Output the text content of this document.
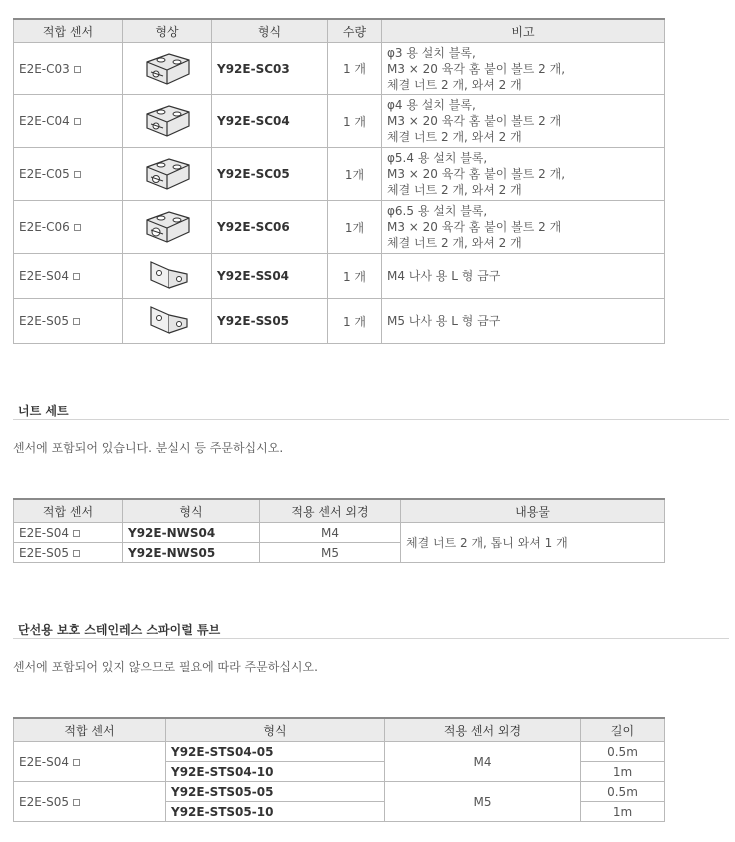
적합 센서	형상	형식	수량	비고
E2E-C03		Y92E-SC03	1 개	φ3 용 설치 블록,
M3 × 20 육각 홈 붙이 볼트 2 개,
체결 너트 2 개, 와셔 2 개

E2E-C04		Y92E-SC04	1 개	φ4 용 설치 블록,
M3 × 20 육각 홈 붙이 볼트 2 개
체결 너트 2 개, 와셔 2 개

E2E-C05		Y92E-SC05	1개	φ5.4 용 설치 블록,
M3 × 20 육각 홈 붙이 볼트 2 개,
체결 너트 2 개, 와셔 2 개

E2E-C06		Y92E-SC06	1개	φ6.5 용 설치 블록,
M3 × 20 육각 홈 붙이 볼트 2 개
체결 너트 2 개, 와셔 2 개

E2E-S04		Y92E-SS04	1 개	M4 나사 용 L 형 금구
E2E-S05		Y92E-SS05	1 개	M5 나사 용 L 형 금구
너트 세트
센서에 포함되어 있습니다. 분실시 등 주문하십시오.
적합 센서	형식	적용 센서 외경	내용물
E2E-S04	Y92E-NWS04	M4	체결 너트 2 개, 톱니 와셔 1 개
E2E-S05	Y92E-NWS05	M5	
단선용 보호 스테인레스 스파이럴 튜브
센서에 포함되어 있지 않으므로 필요에 따라 주문하십시오.
적합 센서	형식	적용 센서 외경	길이
E2E-S04	Y92E-STS04-05	M4	0.5m
	Y92E-STS04-10		1m
E2E-S05	Y92E-STS05-05	M5	0.5m
	Y92E-STS05-10		1m
